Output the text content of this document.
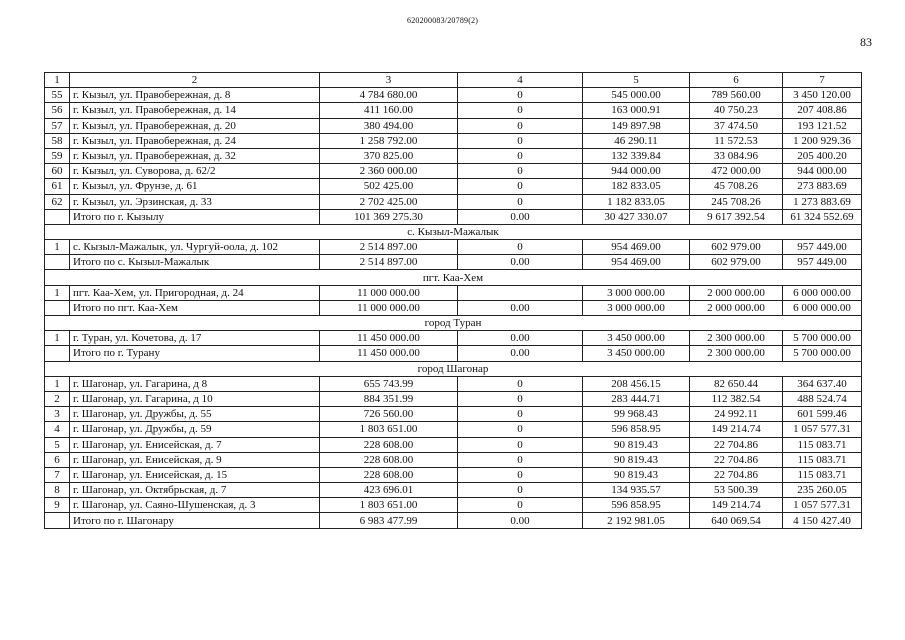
620200083/20789(2)
83
1	2	3	4	5	6	7
55	г. Кызыл, ул. Правобережная, д. 8	4 784 680.00	0	545 000.00	789 560.00	3 450 120.00
56	г. Кызыл, ул. Правобережная, д. 14	411 160.00	0	163 000.91	40 750.23	207 408.86
57	г. Кызыл, ул. Правобережная, д. 20	380 494.00	0	149 897.98	37 474.50	193 121.52
58	г. Кызыл, ул. Правобережная, д. 24	1 258 792.00	0	46 290.11	11 572.53	1 200 929.36
59	г. Кызыл, ул. Правобережная, д. 32	370 825.00	0	132 339.84	33 084.96	205 400.20
60	г. Кызыл, ул. Суворова, д. 62/2	2 360 000.00	0	944 000.00	472 000.00	944 000.00
61	г. Кызыл, ул. Фрунзе, д. 61	502 425.00	0	182 833.05	45 708.26	273 883.69
62	г. Кызыл, ул. Эрзинская, д. 33	2 702 425.00	0	1 182 833.05	245 708.26	1 273 883.69
	Итого по г. Кызылу	101 369 275.30	0.00	30 427 330.07	9 617 392.54	61 324 552.69
с. Кызыл-Мажалык						
1	с. Кызыл-Мажалык, ул. Чургуй-оола, д. 102	2 514 897.00	0	954 469.00	602 979.00	957 449.00
	Итого по с. Кызыл-Мажалык	2 514 897.00	0.00	954 469.00	602 979.00	957 449.00
пгт. Каа-Хем						
1	пгт. Каа-Хем, ул. Пригородная, д. 24	11 000 000.00		3 000 000.00	2 000 000.00	6 000 000.00
	Итого по пгт. Каа-Хем	11 000 000.00	0.00	3 000 000.00	2 000 000.00	6 000 000.00
город Туран						
1	г. Туран, ул. Кочетова, д. 17	11 450 000.00	0.00	3 450 000.00	2 300 000.00	5 700 000.00
	Итого по г. Турану	11 450 000.00	0.00	3 450 000.00	2 300 000.00	5 700 000.00
город Шагонар						
1	г. Шагонар, ул. Гагарина, д 8	655 743.99	0	208 456.15	82 650.44	364 637.40
2	г. Шагонар, ул. Гагарина, д 10	884 351.99	0	283 444.71	112 382.54	488 524.74
3	г. Шагонар, ул. Дружбы, д. 55	726 560.00	0	99 968.43	24 992.11	601 599.46
4	г. Шагонар, ул. Дружбы, д. 59	1 803 651.00	0	596 858.95	149 214.74	1 057 577.31
5	г. Шагонар, ул. Енисейская, д. 7	228 608.00	0	90 819.43	22 704.86	115 083.71
6	г. Шагонар, ул. Енисейская, д. 9	228 608.00	0	90 819.43	22 704.86	115 083.71
7	г. Шагонар, ул. Енисейская, д. 15	228 608.00	0	90 819.43	22 704.86	115 083.71
8	г. Шагонар, ул. Октябрьская, д. 7	423 696.01	0	134 935.57	53 500.39	235 260.05
9	г. Шагонар, ул. Саяно-Шушенская, д. 3	1 803 651.00	0	596 858.95	149 214.74	1 057 577.31
	Итого по г. Шагонару	6 983 477.99	0.00	2 192 981.05	640 069.54	4 150 427.40
